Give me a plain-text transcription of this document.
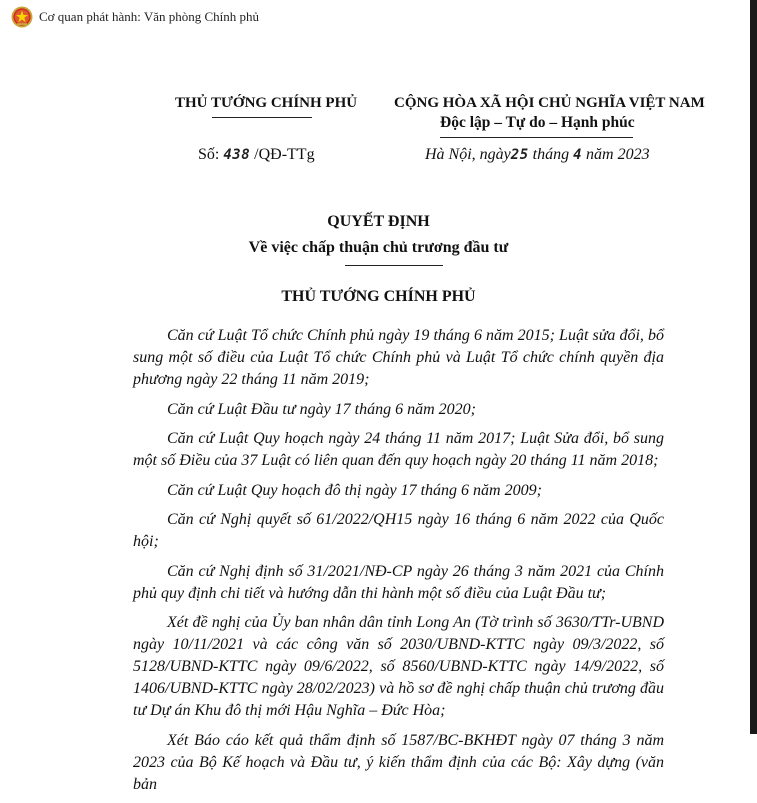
Cơ quan phát hành: Văn phòng Chính phủ
THỦ TƯỚNG CHÍNH PHỦ CỘNG HÒA XÃ HỘI CHỦ NGHĨA VIỆT NAM
Độc lập – Tự do – Hạnh phúc
Số: 438 /QĐ-TTg	Hà Nội, ngày25 tháng 4 năm 2023
QUYẾT ĐỊNH
Về việc chấp thuận chủ trương đầu tư
THỦ TƯỚNG CHÍNH PHỦ

Căn cứ Luật Tổ chức Chính phủ ngày 19 tháng 6 năm 2015; Luật sửa đổi, bổ sung một số điều của Luật Tổ chức Chính phủ và Luật Tổ chức chính quyền địa phương ngày 22 tháng 11 năm 2019;

Căn cứ Luật Đầu tư ngày 17 tháng 6 năm 2020;

Căn cứ Luật Quy hoạch ngày 24 tháng 11 năm 2017; Luật Sửa đổi, bổ sung một số Điều của 37 Luật có liên quan đến quy hoạch ngày 20 tháng 11 năm 2018;

Căn cứ Luật Quy hoạch đô thị ngày 17 tháng 6 năm 2009;

Căn cứ Nghị quyết số 61/2022/QH15 ngày 16 tháng 6 năm 2022 của Quốc hội;

Căn cứ Nghị định số 31/2021/NĐ-CP ngày 26 tháng 3 năm 2021 của Chính phủ quy định chi tiết và hướng dẫn thi hành một số điều của Luật Đầu tư;

Xét đề nghị của Ủy ban nhân dân tỉnh Long An (Tờ trình số 3630/TTr-UBND ngày 10/11/2021 và các công văn số 2030/UBND-KTTC ngày 09/3/2022, số 5128/UBND-KTTC ngày 09/6/2022, số 8560/UBND-KTTC ngày 14/9/2022, số 1406/UBND-KTTC ngày 28/02/2023) và hồ sơ đề nghị chấp thuận chủ trương đầu tư Dự án Khu đô thị mới Hậu Nghĩa – Đức Hòa;

Xét Báo cáo kết quả thẩm định số 1587/BC-BKHĐT ngày 07 tháng 3 năm 2023 của Bộ Kế hoạch và Đầu tư, ý kiến thẩm định của các Bộ: Xây dựng (văn bản
